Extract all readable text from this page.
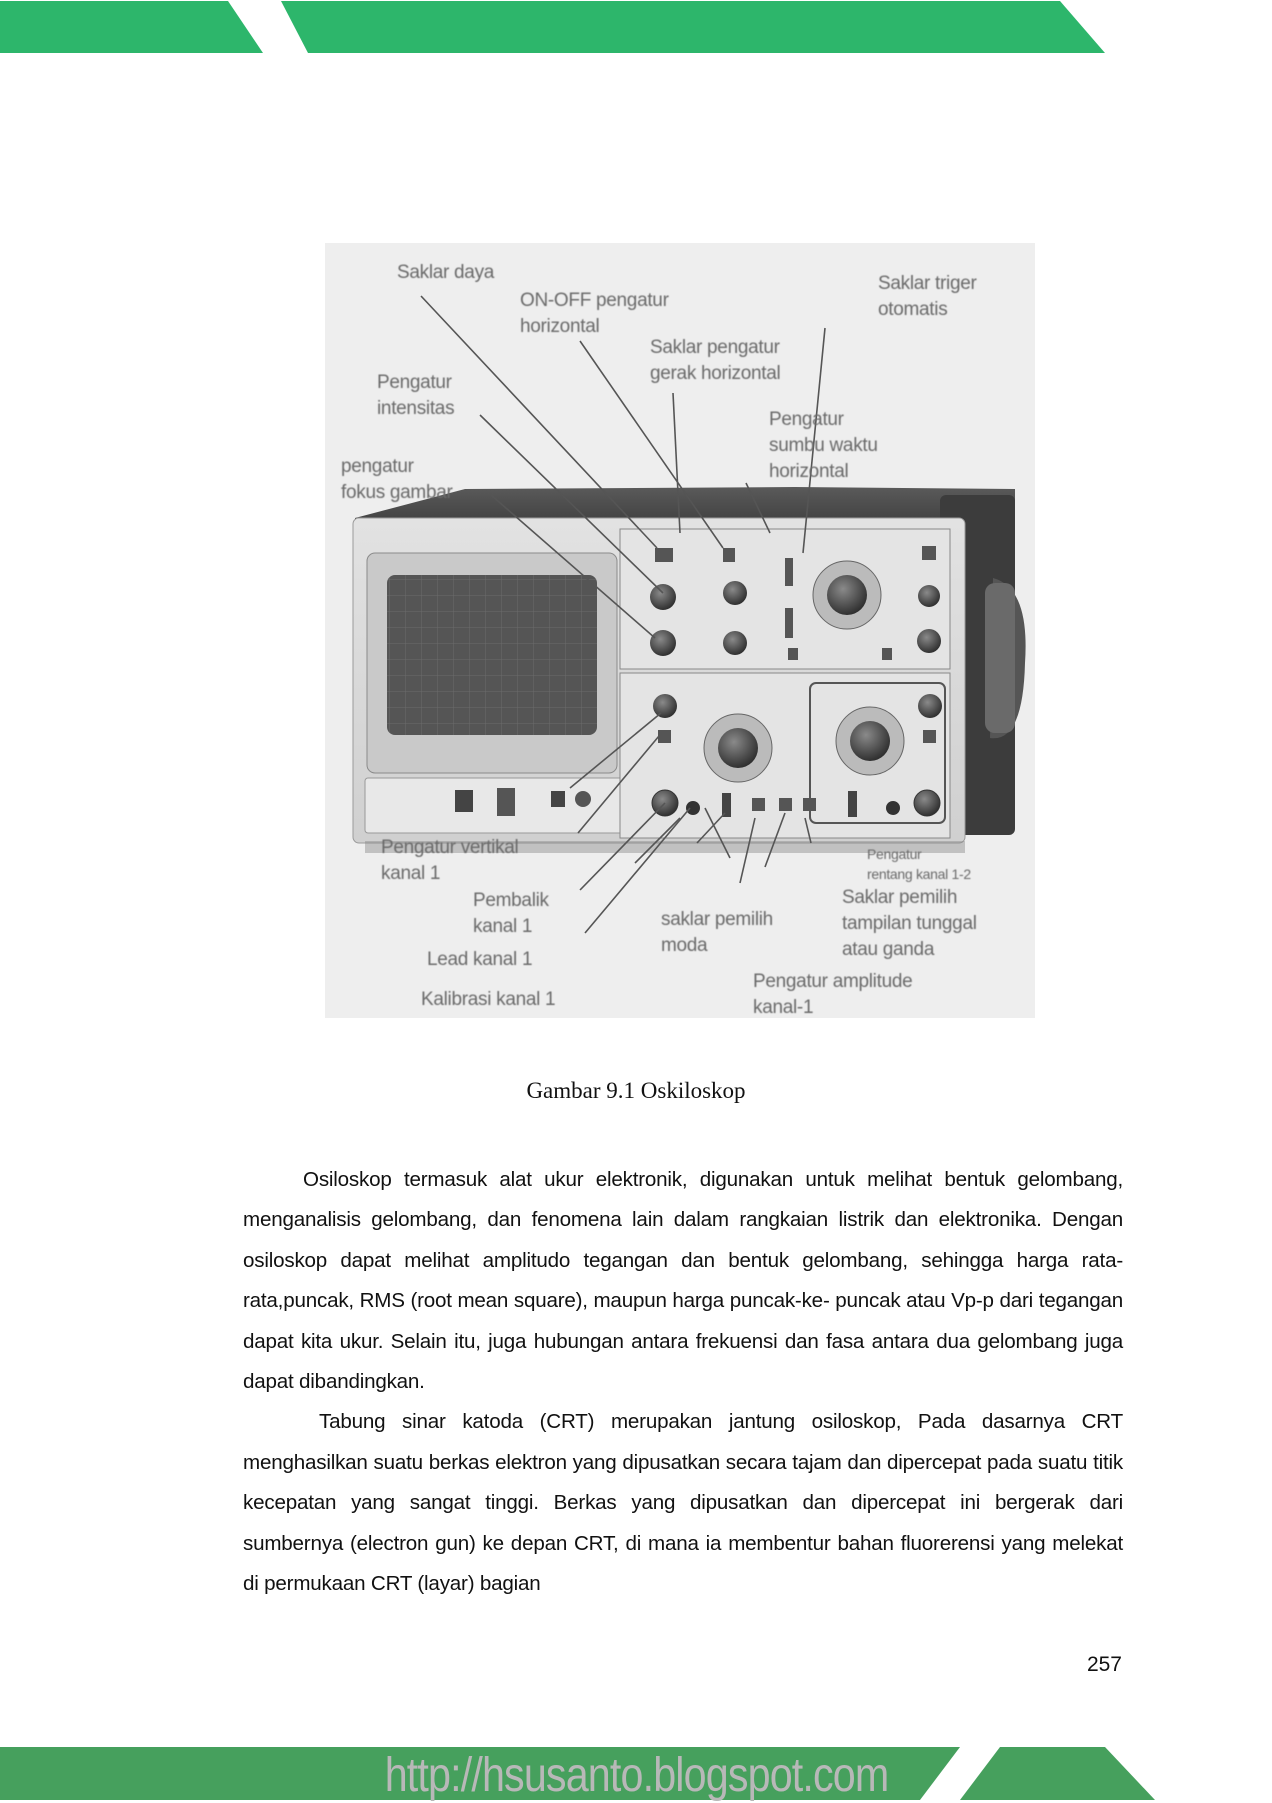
Saklar daya
ON-OFF pengatur
horizontal
Saklar pengatur
gerak horizontal
Saklar triger
otomatis
Pengatur
intensitas
Pengatur
sumbu waktu
horizontal
pengatur
fokus gambar
Pengatur vertikal
kanal 1
Pembalik
kanal 1
Lead kanal 1
Kalibrasi kanal 1
saklar pemilih
moda
Pengatur amplitude
kanal-1
Pengatur
rentang kanal 1-2
Saklar pemilih
tampilan tunggal
atau ganda
Gambar 9.1 Oskiloskop

Osiloskop termasuk alat ukur elektronik, digunakan untuk melihat bentuk gelombang, menganalisis gelombang, dan fenomena lain dalam rangkaian listrik dan elektronika. Dengan osiloskop dapat melihat amplitudo tegangan dan bentuk gelombang, sehingga harga rata-rata,puncak, RMS (root mean square), maupun harga puncak-ke- puncak atau Vp-p dari tegangan dapat kita ukur. Selain itu, juga hubungan antara frekuensi dan fasa antara dua gelombang juga dapat dibandingkan.

Tabung sinar katoda (CRT) merupakan jantung osiloskop, Pada dasarnya CRT menghasilkan suatu berkas elektron yang dipusatkan secara tajam dan dipercepat pada suatu titik kecepatan yang sangat tinggi. Berkas yang dipusatkan dan dipercepat ini bergerak dari sumbernya (electron gun) ke depan CRT, di mana ia membentur bahan fluorerensi yang melekat di permukaan CRT (layar) bagian

257
http://hsusanto.blogspot.com
